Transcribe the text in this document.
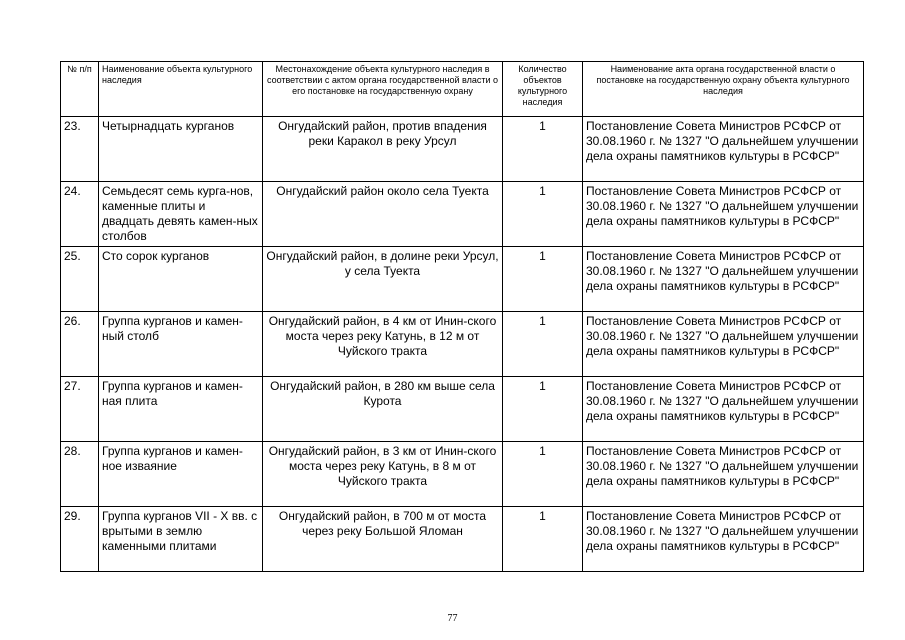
№ п/п	Наименование объекта культурного наследия	Местонахождение объекта культурного наследия в соответствии с актом органа государственной власти о его постановке на государственную охрану	Количество объектов культурного наследия	Наименование акта органа государственной власти о постановке на государственную охрану объекта культурного наследия
23.	Четырнадцать курганов	Онгудайский район, против впадения реки Каракол в реку Урсул	1	Постановление Совета Министров РСФСР от 30.08.1960 г. № 1327 "О дальнейшем улучшении дела охраны памятников культуры в РСФСР"
24.	Семьдесят семь курга-нов, каменные плиты и двадцать девять камен-ных столбов	Онгудайский район около села Туекта	1	Постановление Совета Министров РСФСР от 30.08.1960 г. № 1327 "О дальнейшем улучшении дела охраны памятников культуры в РСФСР"
25.	Сто сорок курганов	Онгудайский район, в долине реки Урсул, у села Туекта	1	Постановление Совета Министров РСФСР от 30.08.1960 г. № 1327 "О дальнейшем улучшении дела охраны памятников культуры в РСФСР"
26.	Группа курганов и камен-ный столб	Онгудайский район, в 4 км от Инин-ского моста через реку Катунь, в 12 м от Чуйского тракта	1	Постановление Совета Министров РСФСР от 30.08.1960 г. № 1327 "О дальнейшем улучшении дела охраны памятников культуры в РСФСР"
27.	Группа курганов и камен-ная плита	Онгудайский район, в 280 км выше села Курота	1	Постановление Совета Министров РСФСР от 30.08.1960 г. № 1327 "О дальнейшем улучшении дела охраны памятников культуры в РСФСР"
28.	Группа курганов и камен-ное изваяние	Онгудайский район, в 3 км от Инин-ского моста через реку Катунь, в 8 м от Чуйского тракта	1	Постановление Совета Министров РСФСР от 30.08.1960 г. № 1327 "О дальнейшем улучшении дела охраны памятников культуры в РСФСР"
29.	Группа курганов VII - X вв. с врытыми в землю каменными плитами	Онгудайский район, в 700 м от моста через реку Большой Яломан	1	Постановление Совета Министров РСФСР от 30.08.1960 г. № 1327 "О дальнейшем улучшении дела охраны памятников культуры в РСФСР"
77
